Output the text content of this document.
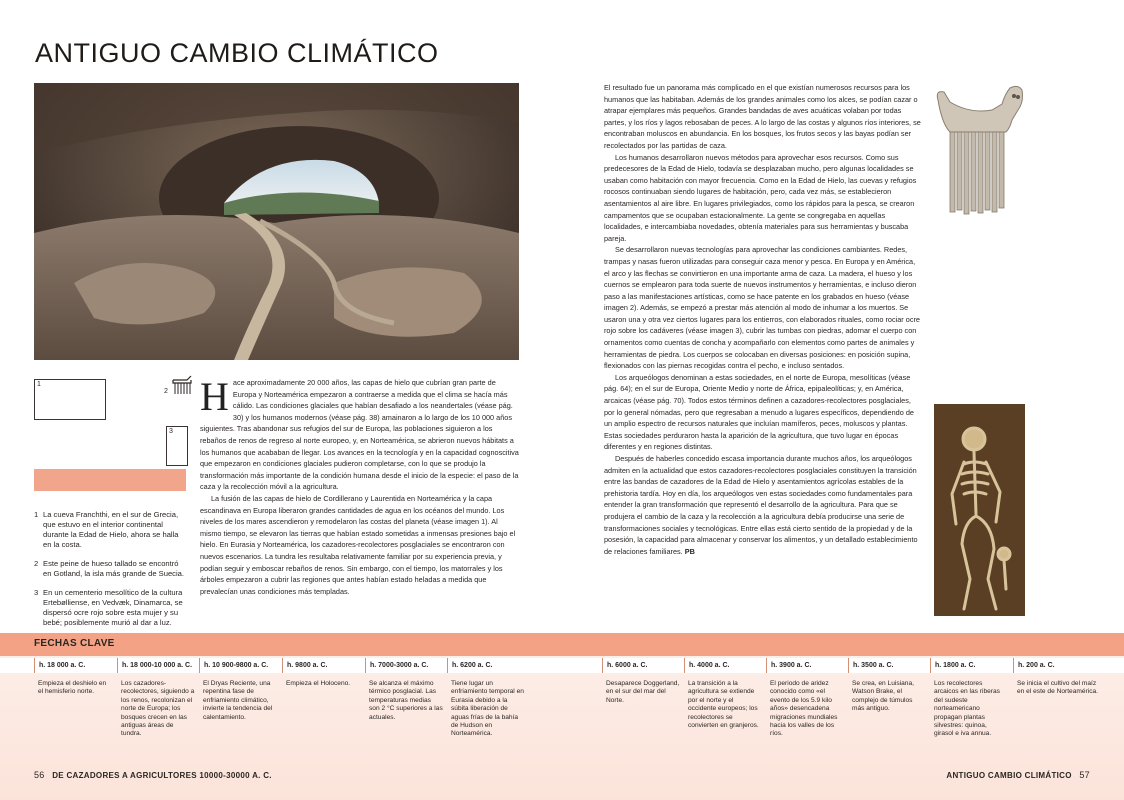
ANTIGUO CAMBIO CLIMÁTICO
1
3
2
1 La cueva Franchthi, en el sur de Grecia, que estuvo en el interior continental durante la Edad de Hielo, ahora se halla en la costa.
2 Este peine de hueso tallado se encontró en Gotland, la isla más grande de Suecia.
3 En un cementerio mesolítico de la cultura Ertebølliense, en Vedvæk, Dinamarca, se dispersó ocre rojo sobre esta mujer y su bebé; posiblemente murió al dar a luz.

Hace aproximadamente 20 000 años, las capas de hielo que cubrían gran parte de Europa y Norteamérica empezaron a contraerse a medida que el clima se hacía más cálido. Las condiciones glaciales que habían desafiado a los neandertales (véase pág. 30) y los humanos modernos (véase pág. 38) amainaron a lo largo de los 10 000 años siguientes. Tras abandonar sus refugios del sur de Europa, las poblaciones siguieron a los rebaños de renos de regreso al norte europeo, y, en Norteamérica, se abrieron nuevos hábitats a los humanos que acababan de llegar. Los avances en la tecnología y en la capacidad cognoscitiva que empezaron en condiciones glaciales pudieron completarse, con lo que se produjo la transformación más importante de la condición humana desde el inicio de la especie: el paso de la caza y la recolección móvil a la agricultura.

La fusión de las capas de hielo de Cordillerano y Laurentida en Norteamérica y la capa escandinava en Europa liberaron grandes cantidades de agua en los océanos del mundo. Los niveles de los mares ascendieron y remodelaron las costas del planeta (véase imagen 1). Al mismo tiempo, se elevaron las tierras que habían estado sometidas a inmensas presiones bajo el hielo. En Eurasia y Norteamérica, los cazadores-recolectores posglaciales se encontraron con nuevos escenarios. La tundra les resultaba relativamente familiar por su experiencia previa, y podían seguir y emboscar rebaños de renos. Sin embargo, con el tiempo, los matorrales y los árboles empezaron a cubrir las regiones que antes habían estado heladas a medida que prevalecían unas condiciones más templadas.

El resultado fue un panorama más complicado en el que existían numerosos recursos para los humanos que las habitaban. Además de los grandes animales como los alces, se podían cazar o atrapar ejemplares más pequeños. Grandes bandadas de aves acuáticas volaban por todas partes, y los ríos y lagos rebosaban de peces. A lo largo de las costas y algunos ríos interiores, se encontraban moluscos en abundancia. En los bosques, los frutos secos y las bayas podían ser recolectados por las partidas de caza.

Los humanos desarrollaron nuevos métodos para aprovechar esos recursos. Como sus predecesores de la Edad de Hielo, todavía se desplazaban mucho, pero algunas localidades se usaban como habitación con mayor frecuencia. Como en la Edad de Hielo, las cuevas y refugios rocosos continuaban siendo lugares de habitación, pero, cada vez más, se establecieron asentamientos al aire libre. En lugares privilegiados, como los rápidos para la pesca, se crearon campamentos que se ocupaban estacionalmente. La gente se congregaba en aquellas localidades, e intercambiaba novedades, obtenía materiales para sus herramientas y buscaba pareja.

Se desarrollaron nuevas tecnologías para aprovechar las condiciones cambiantes. Redes, trampas y nasas fueron utilizadas para conseguir caza menor y pesca. En Europa y en América, el arco y las flechas se convirtieron en una importante arma de caza. La madera, el hueso y los cuernos se emplearon para toda suerte de nuevos instrumentos y herramientas, e incluso dieron paso a las manifestaciones artísticas, como se hace patente en los grabados en hueso (véase imagen 2). Además, se empezó a prestar más atención al modo de inhumar a los muertos. Se usaron una y otra vez ciertos lugares para los entierros, con elaborados rituales, como rociar ocre rojo sobre los cadáveres (véase imagen 3), cubrir las tumbas con piedras, adornar el cuerpo con ornamentos como cuentas de concha y acompañarlo con elementos como partes de animales y herramientas de piedra. Los cuerpos se colocaban en diversas posiciones: en posición supina, flexionados con las piernas recogidas contra el pecho, e incluso sentados.

Los arqueólogos denominan a estas sociedades, en el norte de Europa, mesolíticas (véase pág. 64); en el sur de Europa, Oriente Medio y norte de África, epipaleolíticas; y, en América, arcaicas (véase pág. 70). Todos estos términos definen a cazadores-recolectores posglaciales, por lo general nómadas, pero que regresaban a menudo a lugares específicos, dependiendo de un amplio espectro de recursos naturales que incluían mamíferos, peces, moluscos y plantas. Estas sociedades perduraron hasta la aparición de la agricultura, que tuvo lugar en épocas diferentes y en regiones distintas.

Después de haberles concedido escasa importancia durante muchos años, los arqueólogos admiten en la actualidad que estos cazadores-recolectores posglaciales constituyen la transición entre las bandas de cazadores de la Edad de Hielo y asentamientos agrícolas estables de la prehistoria tardía. Hoy en día, los arqueólogos ven estas sociedades como fundamentales para entender la gran transformación que representó el desarrollo de la agricultura. Para que se produjera el cambio de la caza y la recolección a la agricultura debía producirse una serie de transformaciones sociales y tecnológicas. Entre ellas está cierto sentido de la propiedad y de la posesión, la capacidad para almacenar y conservar los alimentos, y un detallado establecimiento de relaciones familiares. PB

FECHAS CLAVE
h. 18 000 a. C.
Empieza el deshielo en el hemisferio norte.
h. 18 000-10 000 a. C.
Los cazadores-recolectores, siguiendo a los renos, recolonizan el norte de Europa; los bosques crecen en las antiguas áreas de tundra.
h. 10 900-9800 a. C.
El Dryas Reciente, una repentina fase de enfriamiento climático, invierte la tendencia del calentamiento.
h. 9800 a. C.
Empieza el Holoceno.
h. 7000-3000 a. C.
Se alcanza el máximo térmico posglacial. Las temperaturas medias son 2 °C superiores a las actuales.
h. 6200 a. C.
Tiene lugar un enfriamiento temporal en Eurasia debido a la súbita liberación de aguas frías de la bahía de Hudson en Norteamérica.
h. 6000 a. C.
Desaparece Doggerland, en el sur del mar del Norte.
h. 4000 a. C.
La transición a la agricultura se extiende por el norte y el occidente europeos; los recolectores se convierten en granjeros.
h. 3900 a. C.
El periodo de aridez conocido como «el evento de los 5.9 kilo años» desencadena migraciones mundiales hacia los valles de los ríos.
h. 3500 a. C.
Se crea, en Luisiana, Watson Brake, el complejo de túmulos más antiguo.
h. 1800 a. C.
Los recolectores arcaicos en las riberas del sudeste norteamericano propagan plantas silvestres: quinoa, girasol e iva annua.
h. 200 a. C.
Se inicia el cultivo del maíz en el este de Norteamérica.
56 DE CAZADORES A AGRICULTORES 10000-30000 A. C.	ANTIGUO CAMBIO CLIMÁTICO 57
